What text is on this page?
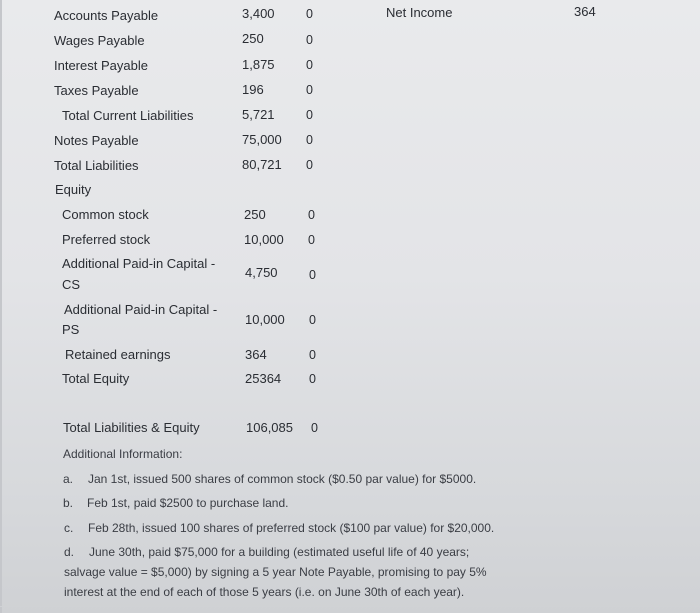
Net Income	364
Accounts Payable	3,400	0
Wages Payable	250	0
Interest Payable	1,875	0
Taxes Payable	196	0
Total Current Liabilities	5,721	0
Notes Payable	75,000 0
Total Liabilities	80,721 0
Equity
Common stock	250	0
Preferred stock	10,000 0
Additional Paid-in Capital -
CS
4,750	0
Additional Paid-in Capital -
PS
10,000 0
Retained earnings	364	0
Total Equity	25364 0
Total Liabilities & Equity	106,085 0
Additional Information:
a. Jan 1st, issued 500 shares of common stock ($0.50 par value) for $5000.
b. Feb 1st, paid $2500 to purchase land.
c. Feb 28th, issued 100 shares of preferred stock ($100 par value) for $20,000.
d. June 30th, paid $75,000 for a building (estimated useful life of 40 years;
salvage value = $5,000) by signing a 5 year Note Payable, promising to pay 5%
interest at the end of each of those 5 years (i.e. on June 30th of each year).
